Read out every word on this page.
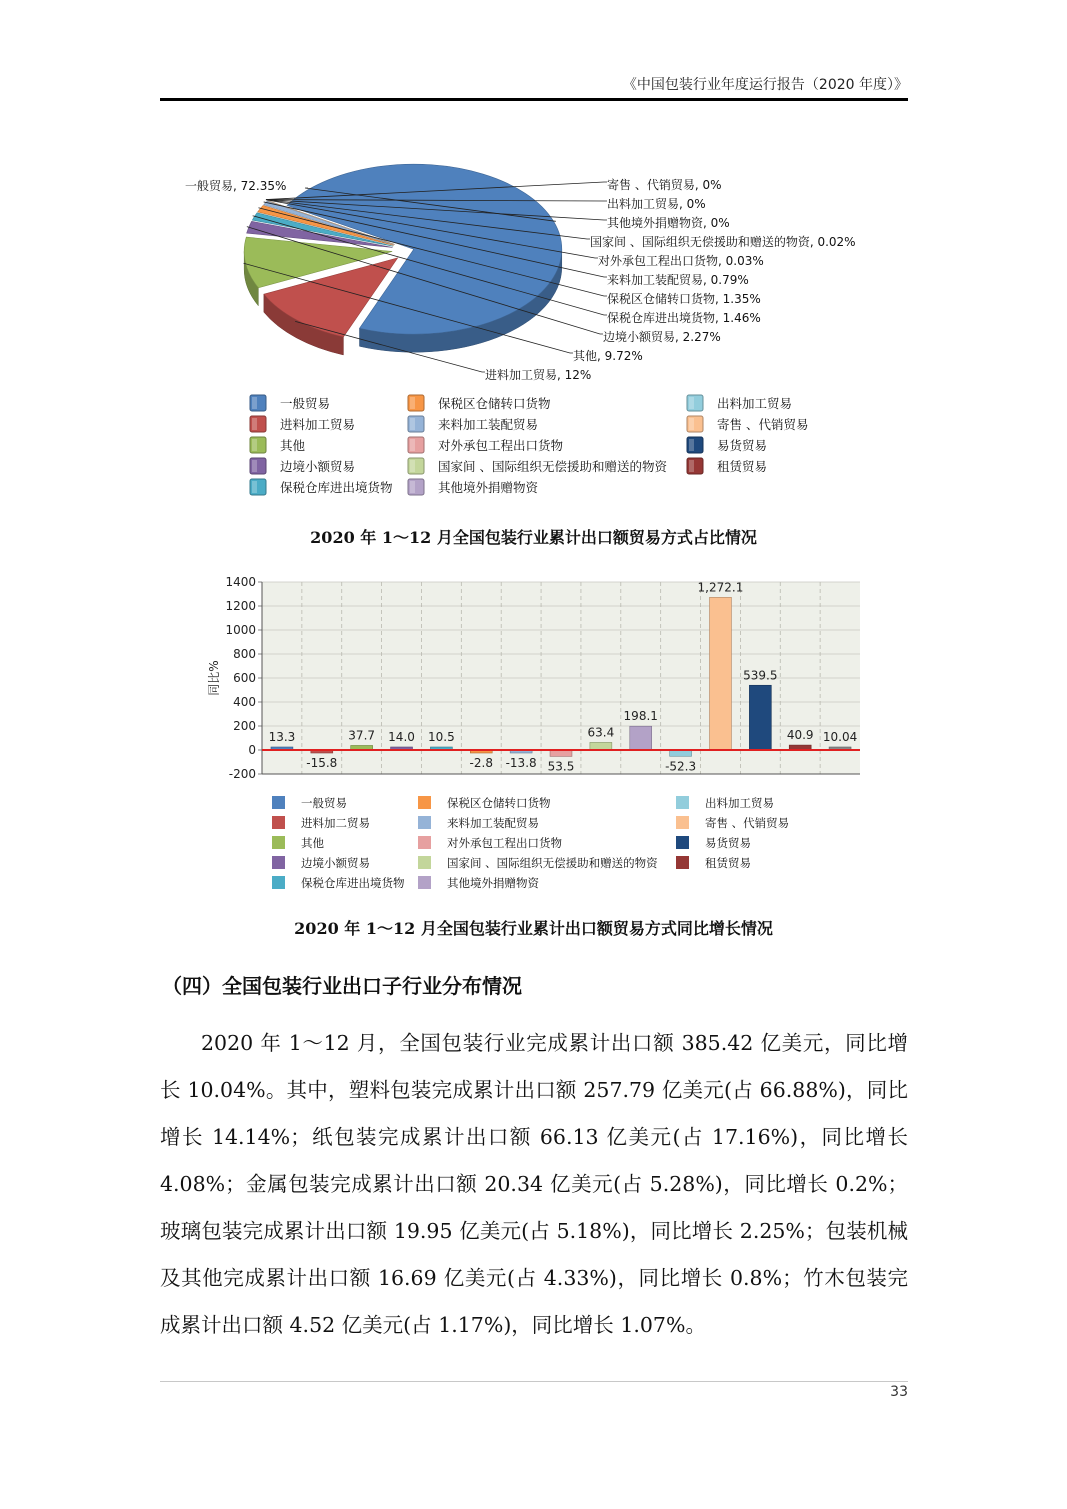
《中国包装行业年度运行报告（2020 年度）》
一般贸易, 72.35%
进料加工贸易, 12%
其他, 9.72%
边境小额贸易, 2.27%
保税仓库进出境货物, 1.46%
保税区仓储转口货物, 1.35%
来料加工装配贸易, 0.79%
对外承包工程出口货物, 0.03%
国家间 、国际组织无偿援助和赠送的物资, 0.02%
其他境外捐赠物资, 0%
出料加工贸易, 0%
寄售 、代销贸易, 0%
一般贸易	保税区仓储转口货物	出料加工贸易
进料加工贸易	来料加工装配贸易	寄售 、代销贸易
其他	对外承包工程出口货物	易货贸易
边境小额贸易	国家间 、国际组织无偿援助和赠送的物资	租赁贸易
保税仓库进出境货物	其他境外捐赠物资
2020 年 1～12 月全国包装行业累计出口额贸易方式占比情况
1400
1200
1000
800
600
400
200
0
-200
同比%
13.3
-15.8
37.7 14.0 10.5
-2.8 -13.8 53.5
63.4
198.1
-52.3
1,272.1
539.5
40.9 10.04
一般贸易	保税区仓储转口货物	出料加工贸易
进料加二贸易	来料加工装配贸易	寄售 、代销贸易
其他	对外承包工程出口货物	易货贸易
边境小额贸易	国家间 、国际组织无偿援助和赠送的物资	租赁贸易
保税仓库进出境货物	其他境外捐赠物资
2020 年 1～12 月全国包装行业累计出口额贸易方式同比增长情况
（四）全国包装行业出口子行业分布情况

2020 年 1～12 月，全国包装行业完成累计出口额 385.42 亿美元，同比增长 10.04%。其中，塑料包装完成累计出口额 257.79 亿美元(占 66.88%)，同比增长 14.14%；纸包装完成累计出口额 66.13 亿美元(占 17.16%)，同比增长 4.08%；金属包装完成累计出口额 20.34 亿美元(占 5.28%)，同比增长 0.2%；玻璃包装完成累计出口额 19.95 亿美元(占 5.18%)，同比增长 2.25%；包装机械及其他完成累计出口额 16.69 亿美元(占 4.33%)，同比增长 0.8%；竹木包装完成累计出口额 4.52 亿美元(占 1.17%)，同比增长 1.07%。

33
